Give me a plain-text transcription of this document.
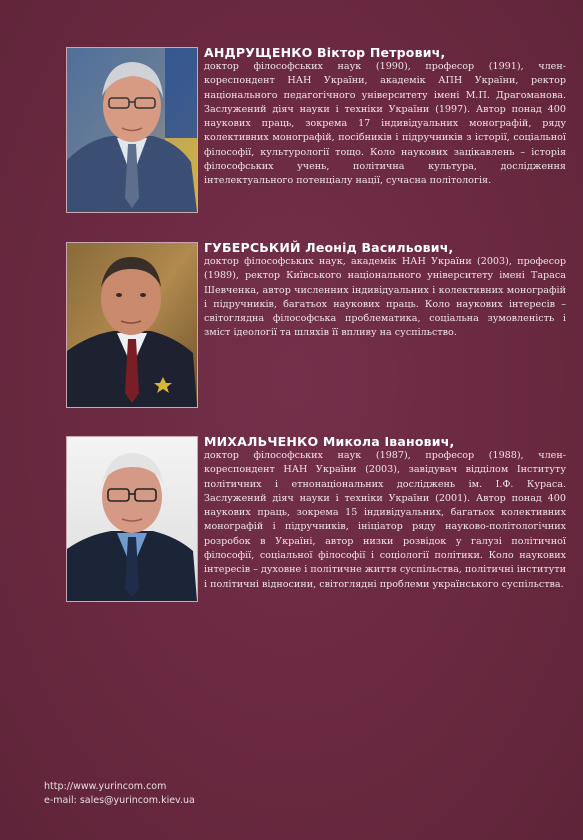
АНДРУЩЕНКО Віктор Петрович,
доктор філософських наук (1990), професор (1991), член-кореспондент НАН України, академік АПН України, ректор національного педагогічного університету імені М.П. Драгоманова. Заслужений діяч науки і техніки України (1997). Автор понад 400 наукових праць, зокрема 17 індивідуальних монографій, ряду колективних монографій, посібників і підручників з історії, соціальної філософії, культурології тощо. Коло наукових зацікавлень – історія філософських учень, політична культура, дослідження інтелектуального потенціалу нації, сучасна політологія.
ГУБЕРСЬКИЙ Леонід Васильович,
доктор філософських наук, академік НАН України (2003), професор (1989), ректор Київського національного університету імені Тараса Шевченка, автор численних індивідуальних і колективних монографій і підручників, багатьох наукових праць. Коло наукових інтересів – світоглядна філософська проблематика, соціальна зумовленість і зміст ідеології та шляхів її впливу на суспільство.
МИХАЛЬЧЕНКО Микола Іванович,
доктор філософських наук (1987), професор (1988), член-кореспондент НАН України (2003), завідувач відділом Інституту політичних і етнонаціональних досліджень ім. І.Ф. Кураса. Заслужений діяч науки і техніки України (2001). Автор понад 400 наукових праць, зокрема 15 індивідуальних, багатьох колективних монографій і підручників, ініціатор ряду науково-політологічних розробок в Україні, автор низки розвідок у галузі політичної філософії, соціальної філософії і соціології політики. Коло наукових інтересів – духовне і політичне життя суспільства, політичні інститути і політичні відносини, світоглядні проблеми українського суспільства.
http://www.yurincom.com
e-mail: sales@yurincom.kiev.ua
